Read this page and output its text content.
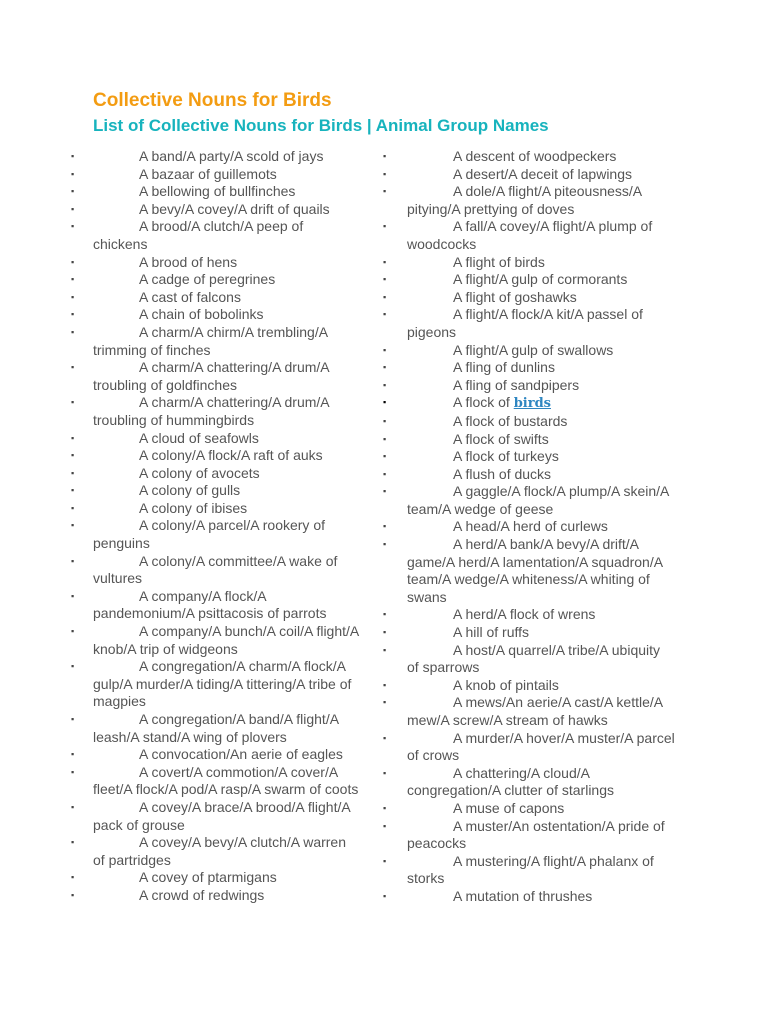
Collective Nouns for Birds
List of Collective Nouns for Birds | Animal Group Names
▪	A band/A party/A scold of jays
▪	A bazaar of guillemots
▪	A bellowing of bullfinches
▪	A bevy/A covey/A drift of quails
▪	A brood/A clutch/A peep of chickens
▪	A brood of hens
▪	A cadge of peregrines
▪	A cast of falcons
▪	A chain of bobolinks
▪	A charm/A chirm/A trembling/A trimming of finches
▪	A charm/A chattering/A drum/A troubling of goldfinches
▪	A charm/A chattering/A drum/A troubling of hummingbirds
▪	A cloud of seafowls
▪	A colony/A flock/A raft of auks
▪	A colony of avocets
▪	A colony of gulls
▪	A colony of ibises
▪	A colony/A parcel/A rookery of penguins
▪	A colony/A committee/A wake of vultures
▪	A company/A flock/A pandemonium/A psittacosis of parrots
▪	A company/A bunch/A coil/A flight/A knob/A trip of widgeons
▪	A congregation/A charm/A flock/A gulp/A murder/A tiding/A tittering/A tribe of magpies
▪	A congregation/A band/A flight/A leash/A stand/A wing of plovers
▪	A convocation/An aerie of eagles
▪	A covert/A commotion/A cover/A fleet/A flock/A pod/A rasp/A swarm of coots
▪	A covey/A brace/A brood/A flight/A pack of grouse
▪	A covey/A bevy/A clutch/A warren of partridges
▪	A covey of ptarmigans
▪	A crowd of redwings
▪	A descent of woodpeckers
▪	A desert/A deceit of lapwings
▪	A dole/A flight/A piteousness/A pitying/A prettying of doves
▪	A fall/A covey/A flight/A plump of woodcocks
▪	A flight of birds
▪	A flight/A gulp of cormorants
▪	A flight of goshawks
▪	A flight/A flock/A kit/A passel of pigeons
▪	A flight/A gulp of swallows
▪	A fling of dunlins
▪	A fling of sandpipers
▪	A flock of birds
▪	A flock of bustards
▪	A flock of swifts
▪	A flock of turkeys
▪	A flush of ducks
▪	A gaggle/A flock/A plump/A skein/A team/A wedge of geese
▪	A head/A herd of curlews
▪	A herd/A bank/A bevy/A drift/A game/A herd/A lamentation/A squadron/A team/A wedge/A whiteness/A whiting of swans
▪	A herd/A flock of wrens
▪	A hill of ruffs
▪	A host/A quarrel/A tribe/A ubiquity of sparrows
▪	A knob of pintails
▪	A mews/An aerie/A cast/A kettle/A mew/A screw/A stream of hawks
▪	A murder/A hover/A muster/A parcel of crows
▪	A chattering/A cloud/A congregation/A clutter of starlings
▪	A muse of capons
▪	A muster/An ostentation/A pride of peacocks
▪	A mustering/A flight/A phalanx of storks
▪	A mutation of thrushes
